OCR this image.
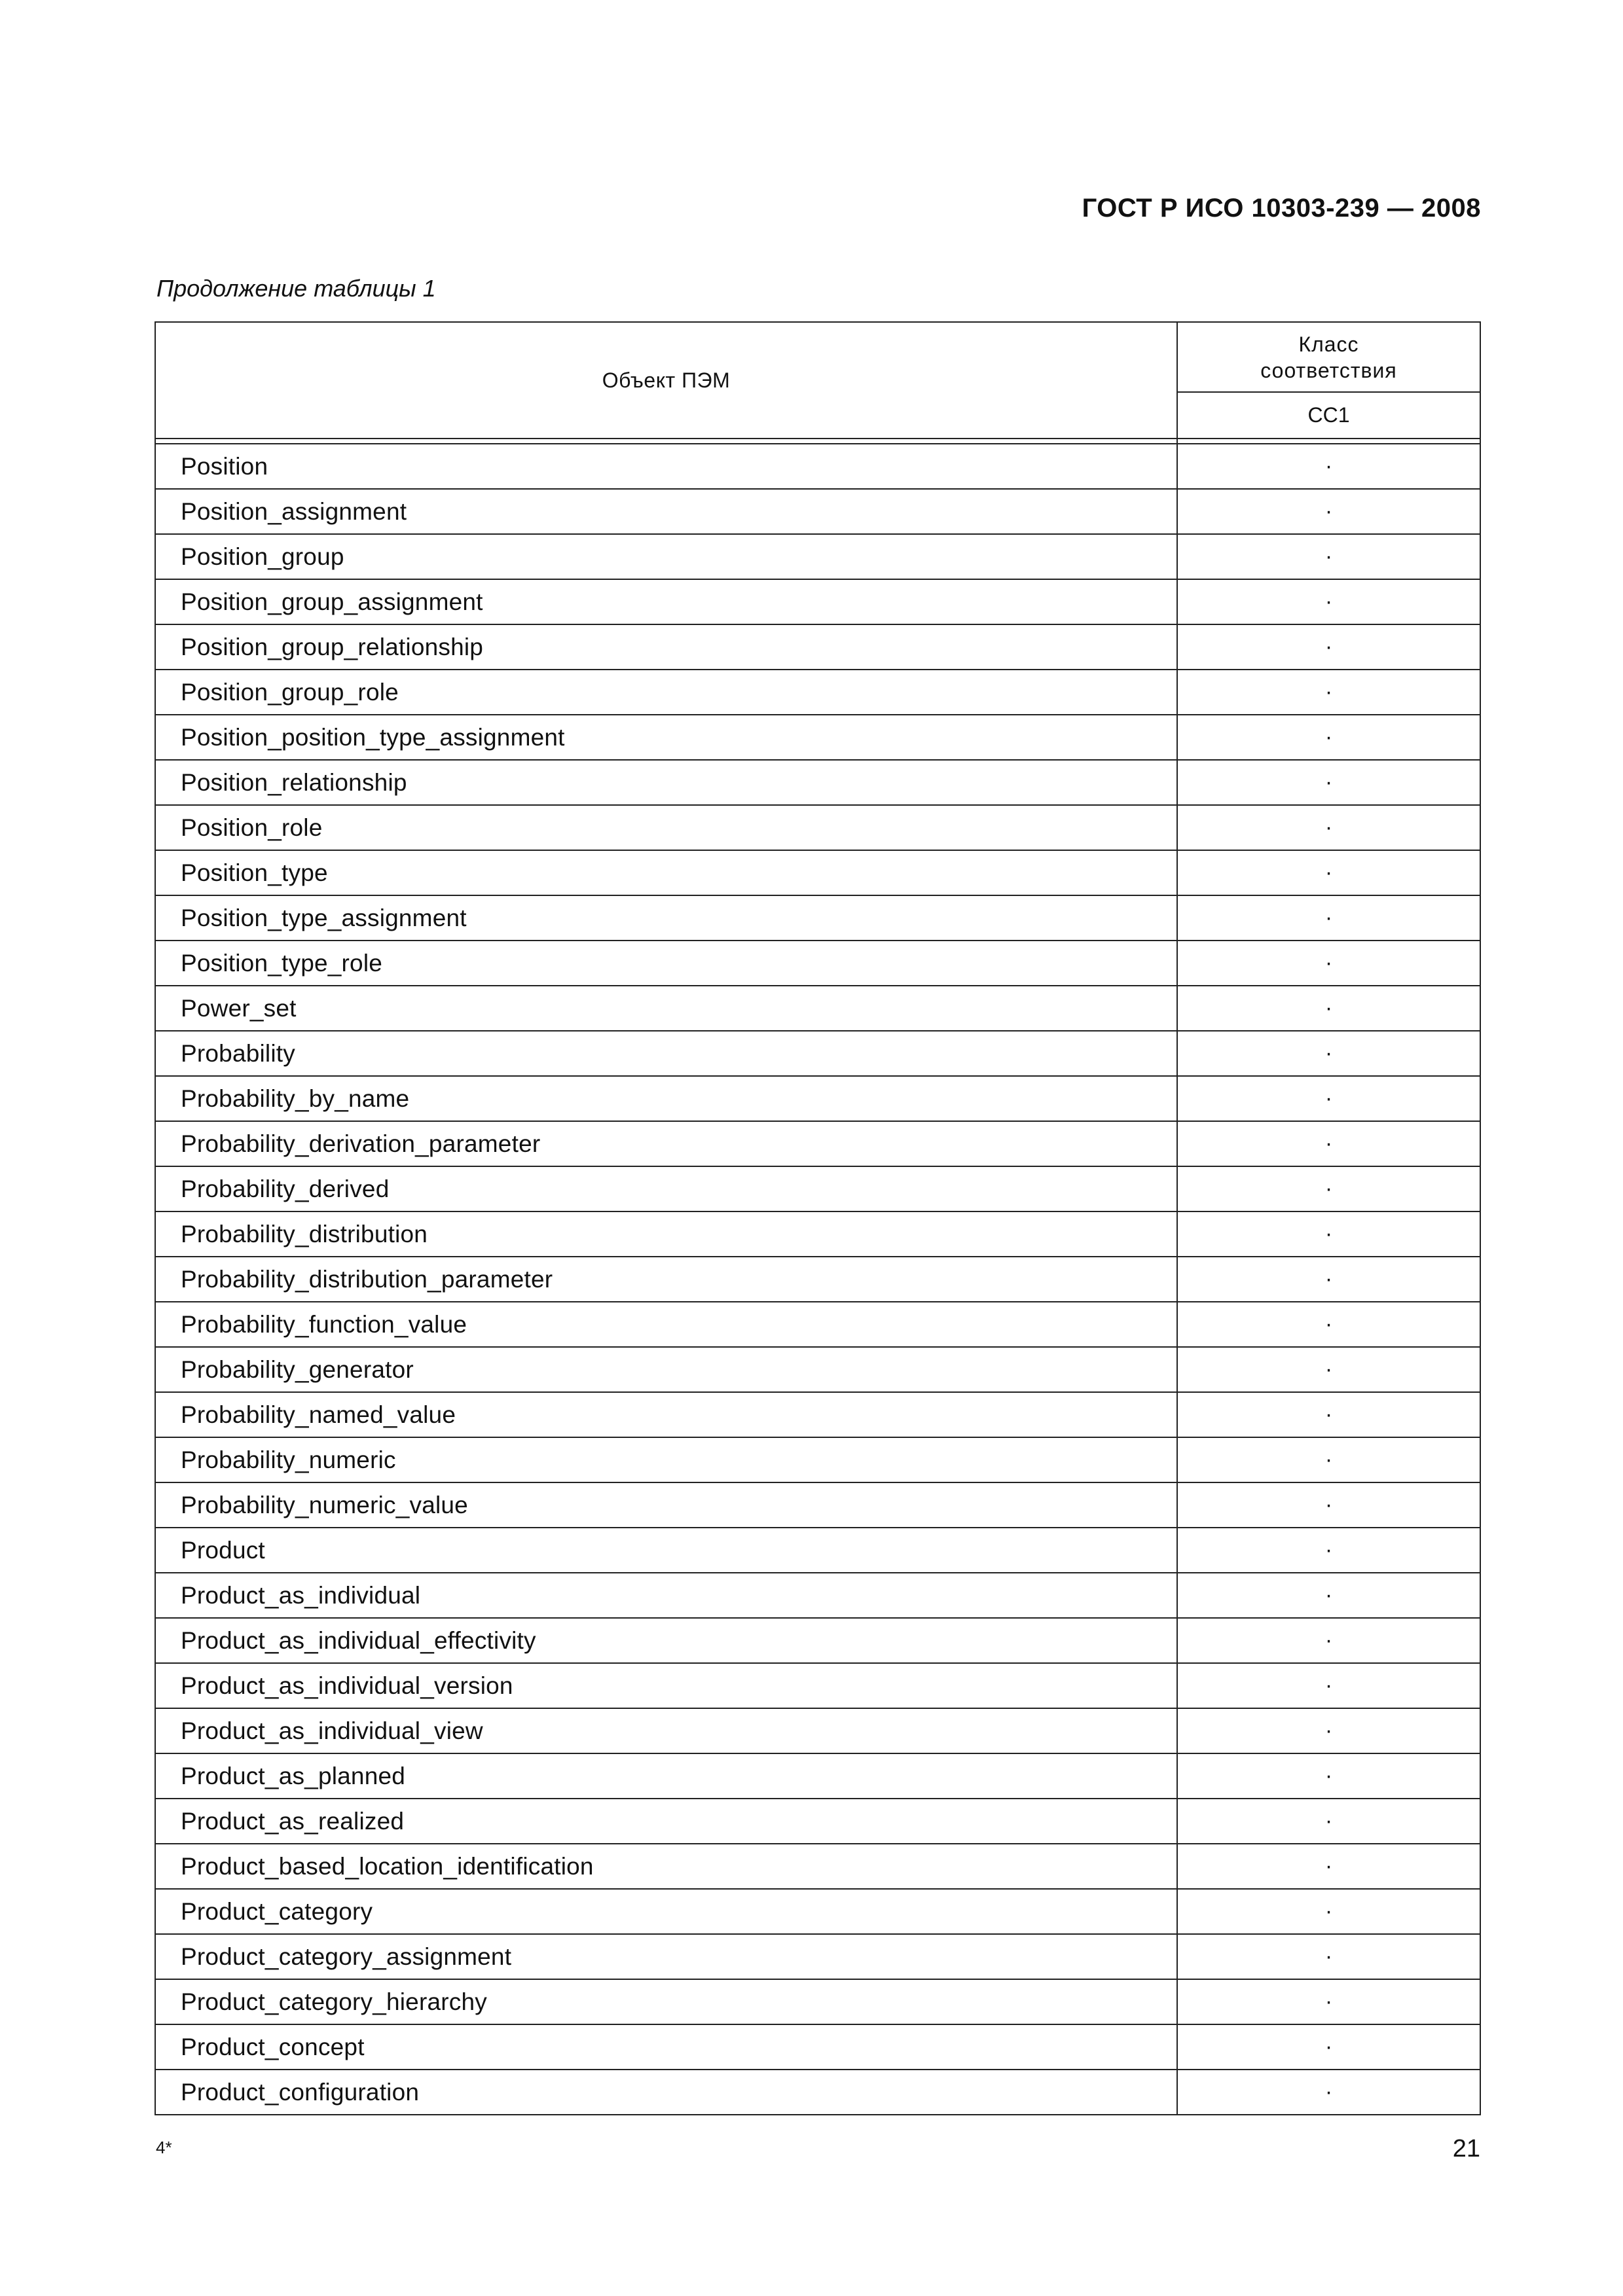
ГОСТ Р ИСО 10303-239 — 2008
Продолжение таблицы 1
Объект ПЭМ	Класс соответствия
	CC1

Position	·
Position_assignment	·
Position_group	·
Position_group_assignment	·
Position_group_relationship	·
Position_group_role	·
Position_position_type_assignment	·
Position_relationship	·
Position_role	·
Position_type	·
Position_type_assignment	·
Position_type_role	·
Power_set	·
Probability	·
Probability_by_name	·
Probability_derivation_parameter	·
Probability_derived	·
Probability_distribution	·
Probability_distribution_parameter	·
Probability_function_value	·
Probability_generator	·
Probability_named_value	·
Probability_numeric	·
Probability_numeric_value	·
Product	·
Product_as_individual	·
Product_as_individual_effectivity	·
Product_as_individual_version	·
Product_as_individual_view	·
Product_as_planned	·
Product_as_realized	·
Product_based_location_identification	·
Product_category	·
Product_category_assignment	·
Product_category_hierarchy	·
Product_concept	·
Product_configuration	·
4*	21
